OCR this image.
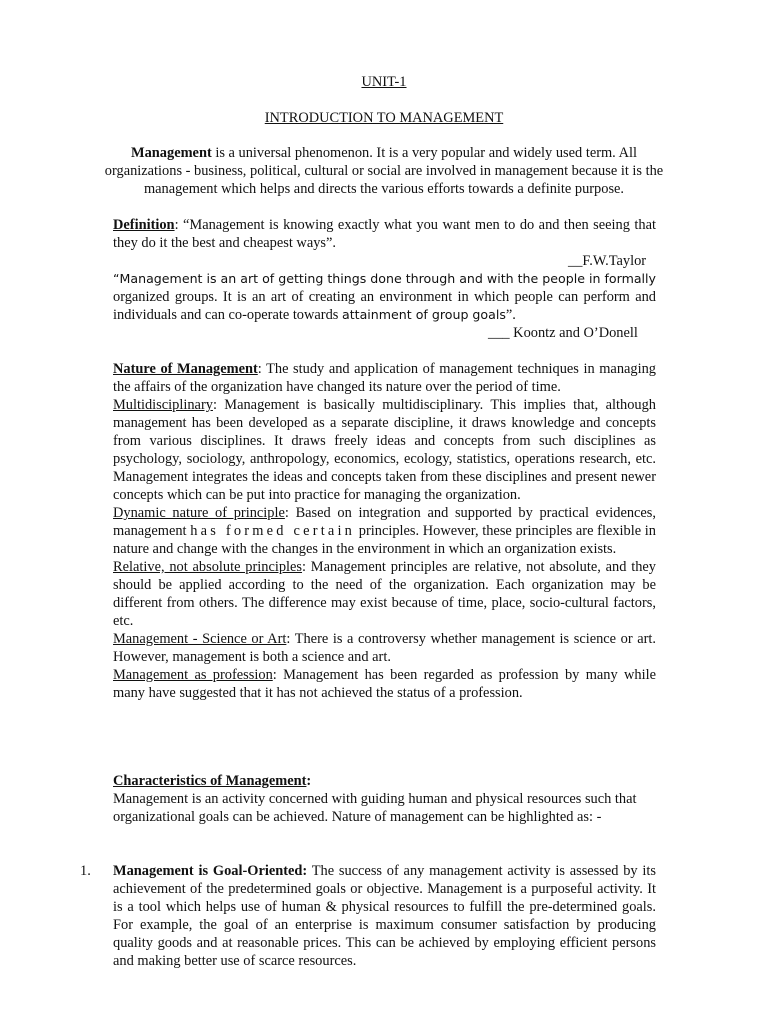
UNIT-1
INTRODUCTION TO MANAGEMENT
Management is a universal phenomenon. It is a very popular and widely used term. All organizations - business, political, cultural or social are involved in management because it is the management which helps and directs the various efforts towards a definite purpose.
Definition: “Management is knowing exactly what you want men to do and then seeing that they do it the best and cheapest ways”.
__F.W.Taylor
“Management is an art of getting things done through and with the people in formally organized groups. It is an art of creating an environment in which people can perform and individuals and can co-operate towards attainment of group goals”.
___ Koontz and O’Donell

Nature of Management: The study and application of management techniques in managing the affairs of the organization have changed its nature over the period of time.

Multidisciplinary: Management is basically multidisciplinary. This implies that, although management has been developed as a separate discipline, it draws knowledge and concepts from various disciplines. It draws freely ideas and concepts from such disciplines as psychology, sociology, anthropology, economics, ecology, statistics, operations research, etc. Management integrates the ideas and concepts taken from these disciplines and present newer concepts which can be put into practice for managing the organization.

Dynamic nature of principle: Based on integration and supported by practical evidences, management has formed certain principles. However, these principles are flexible in nature and change with the changes in the environment in which an organization exists.

Relative, not absolute principles: Management principles are relative, not absolute, and they should be applied according to the need of the organization. Each organization may be different from others. The difference may exist because of time, place, socio-cultural factors, etc.

Management - Science or Art: There is a controversy whether management is science or art. However, management is both a science and art.

Management as profession: Management has been regarded as profession by many while many have suggested that it has not achieved the status of a profession.

Characteristics of Management:

Management is an activity concerned with guiding human and physical resources such that organizational goals can be achieved. Nature of management can be highlighted as: -

1. Management is Goal-Oriented: The success of any management activity is assessed by its achievement of the predetermined goals or objective. Management is a purposeful activity. It is a tool which helps use of human & physical resources to fulfill the pre-determined goals. For example, the goal of an enterprise is maximum consumer satisfaction by producing quality goods and at reasonable prices. This can be achieved by employing efficient persons and making better use of scarce resources.
